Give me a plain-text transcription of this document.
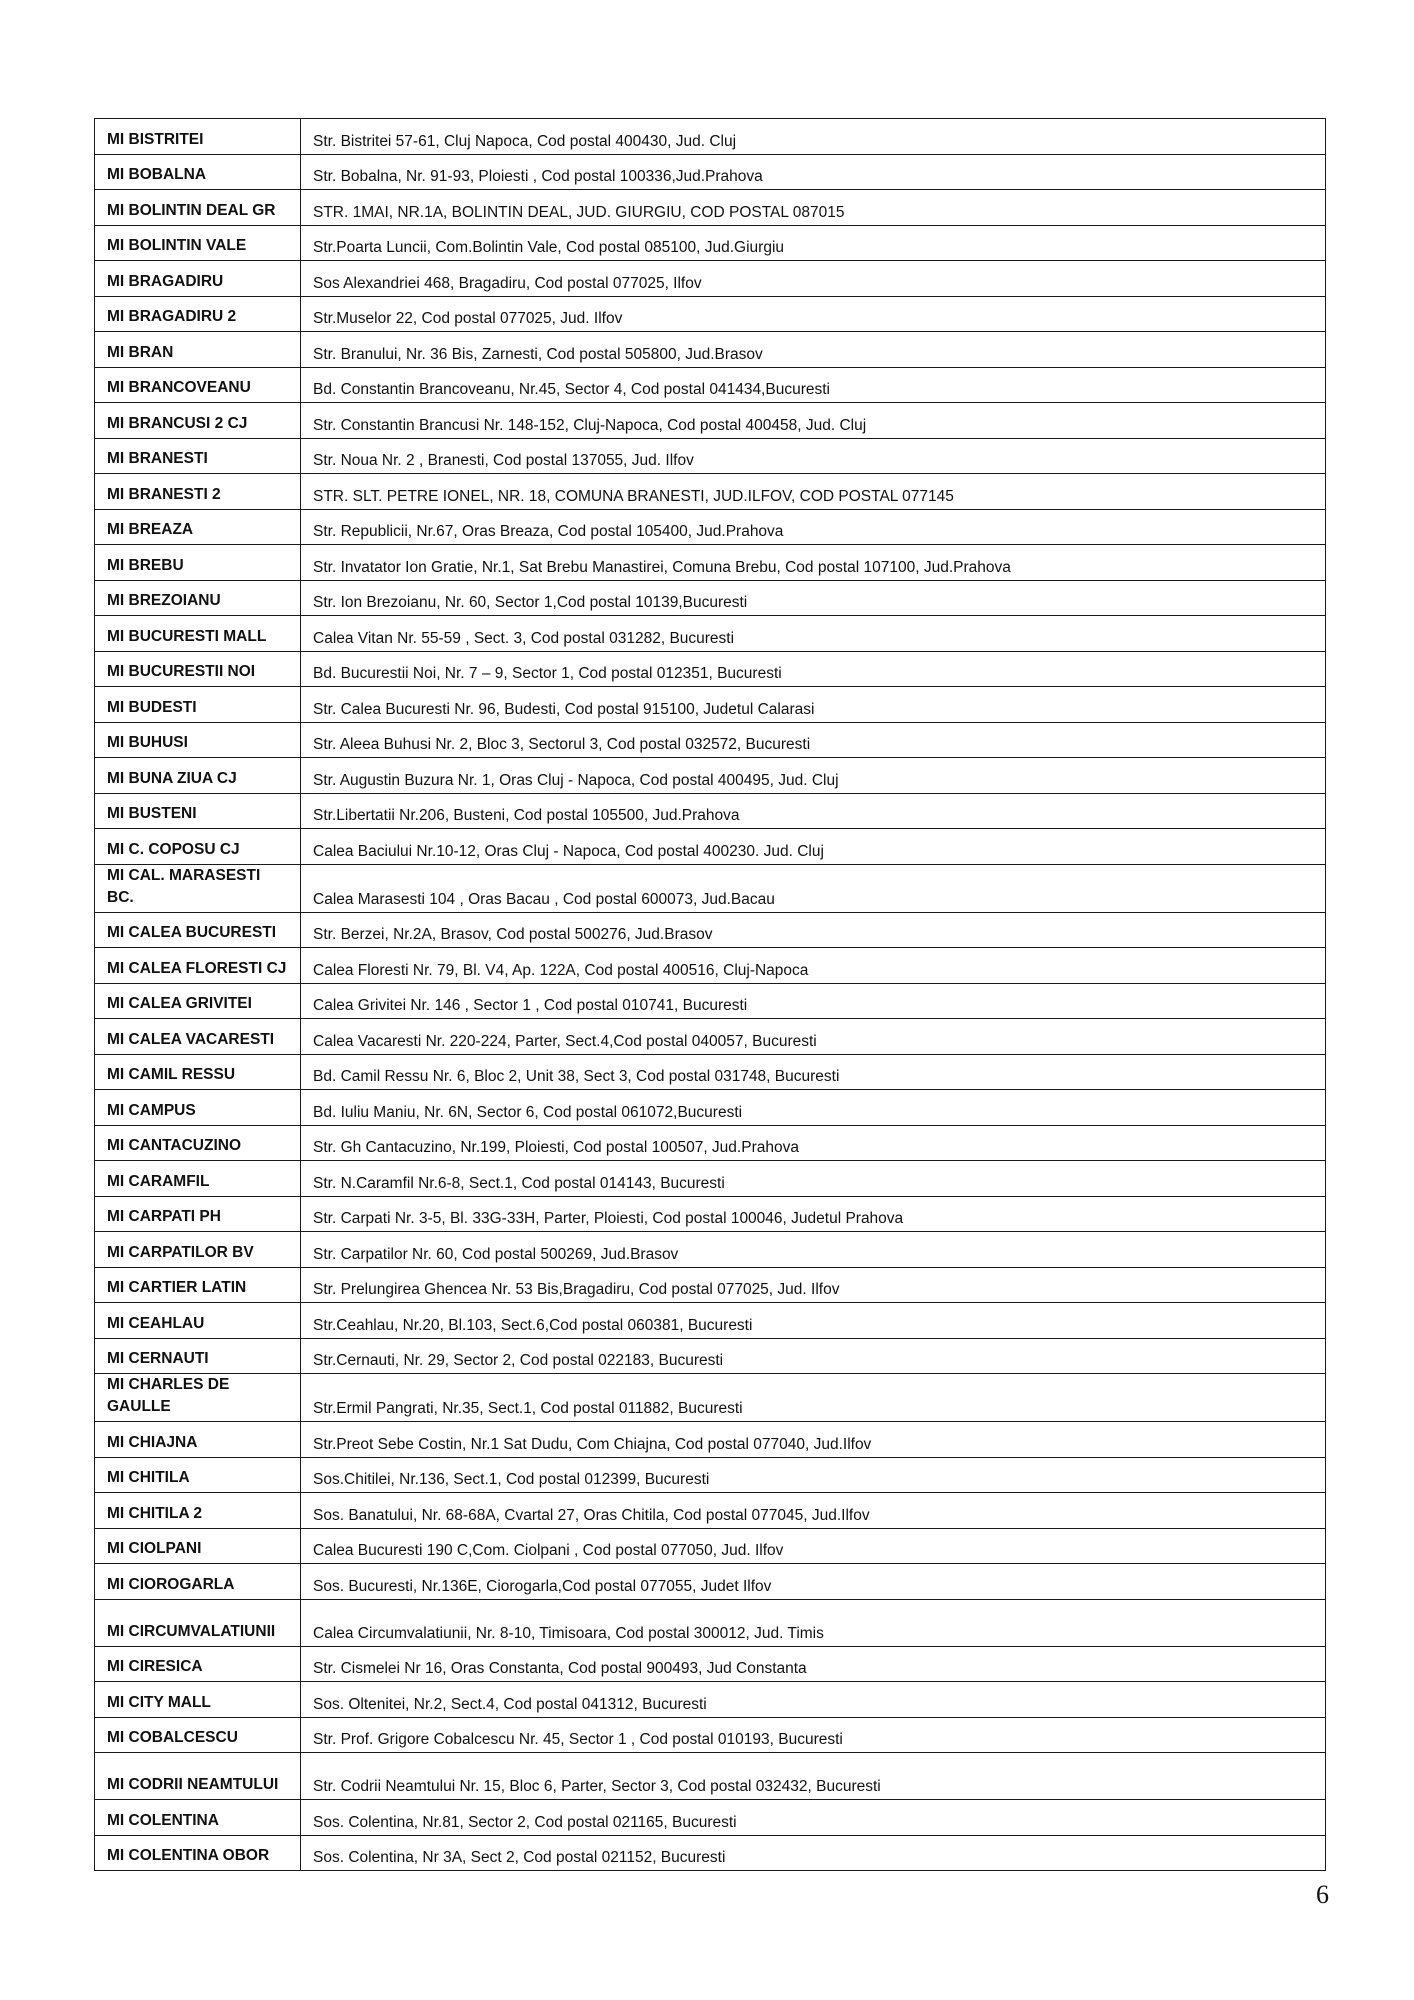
MI BISTRITEI	Str. Bistritei 57-61, Cluj Napoca, Cod postal 400430, Jud. Cluj
MI BOBALNA	Str. Bobalna, Nr. 91-93, Ploiesti , Cod postal 100336,Jud.Prahova
MI BOLINTIN DEAL GR	STR. 1MAI, NR.1A, BOLINTIN DEAL, JUD. GIURGIU, COD POSTAL 087015
MI BOLINTIN VALE	Str.Poarta Luncii, Com.Bolintin Vale, Cod postal 085100, Jud.Giurgiu
MI BRAGADIRU	Sos Alexandriei 468, Bragadiru, Cod postal 077025, Ilfov
MI BRAGADIRU 2	Str.Muselor 22, Cod postal 077025, Jud. Ilfov
MI BRAN	Str. Branului, Nr. 36 Bis, Zarnesti, Cod postal 505800, Jud.Brasov
MI BRANCOVEANU	Bd. Constantin Brancoveanu, Nr.45, Sector 4, Cod postal 041434,Bucuresti
MI BRANCUSI 2 CJ	Str. Constantin Brancusi Nr. 148-152, Cluj-Napoca, Cod postal 400458, Jud. Cluj
MI BRANESTI	Str. Noua Nr. 2 , Branesti, Cod postal 137055, Jud. Ilfov
MI BRANESTI 2	STR. SLT. PETRE IONEL, NR. 18, COMUNA BRANESTI, JUD.ILFOV, COD POSTAL 077145
MI BREAZA	Str. Republicii, Nr.67, Oras Breaza, Cod postal 105400, Jud.Prahova
MI BREBU	Str. Invatator Ion Gratie, Nr.1, Sat Brebu Manastirei, Comuna Brebu, Cod postal 107100, Jud.Prahova
MI BREZOIANU	Str. Ion Brezoianu, Nr. 60, Sector 1,Cod postal 10139,Bucuresti
MI BUCURESTI MALL	Calea Vitan Nr. 55-59 , Sect. 3, Cod postal 031282, Bucuresti
MI BUCURESTII NOI	Bd. Bucurestii Noi, Nr. 7 – 9, Sector 1, Cod postal 012351, Bucuresti
MI BUDESTI	Str. Calea Bucuresti Nr. 96, Budesti, Cod postal 915100, Judetul Calarasi
MI BUHUSI	Str. Aleea Buhusi Nr. 2, Bloc 3, Sectorul 3, Cod postal 032572, Bucuresti
MI BUNA ZIUA CJ	Str. Augustin Buzura Nr. 1, Oras Cluj - Napoca, Cod postal 400495, Jud. Cluj
MI BUSTENI	Str.Libertatii Nr.206, Busteni, Cod postal 105500, Jud.Prahova
MI C. COPOSU CJ	Calea Baciului Nr.10-12, Oras Cluj - Napoca, Cod postal 400230. Jud. Cluj
MI CAL. MARASESTI BC.	Calea Marasesti 104 , Oras Bacau , Cod postal 600073, Jud.Bacau
MI CALEA BUCURESTI	Str. Berzei, Nr.2A, Brasov, Cod postal 500276, Jud.Brasov
MI CALEA FLORESTI CJ	Calea Floresti Nr. 79, Bl. V4, Ap. 122A, Cod postal 400516, Cluj-Napoca
MI CALEA GRIVITEI	Calea Grivitei Nr. 146 , Sector 1 , Cod postal 010741, Bucuresti
MI CALEA VACARESTI	Calea Vacaresti Nr. 220-224, Parter, Sect.4,Cod postal 040057, Bucuresti
MI CAMIL RESSU	Bd. Camil Ressu Nr. 6, Bloc 2, Unit 38, Sect 3, Cod postal 031748, Bucuresti
MI CAMPUS	Bd. Iuliu Maniu, Nr. 6N, Sector 6, Cod postal 061072,Bucuresti
MI CANTACUZINO	Str. Gh Cantacuzino, Nr.199, Ploiesti, Cod postal 100507, Jud.Prahova
MI CARAMFIL	Str. N.Caramfil Nr.6-8, Sect.1, Cod postal 014143, Bucuresti
MI CARPATI PH	Str. Carpati Nr. 3-5, Bl. 33G-33H, Parter, Ploiesti, Cod postal 100046, Judetul Prahova
MI CARPATILOR BV	Str. Carpatilor Nr. 60, Cod postal 500269, Jud.Brasov
MI CARTIER LATIN	Str. Prelungirea Ghencea Nr. 53 Bis,Bragadiru, Cod postal 077025, Jud. Ilfov
MI CEAHLAU	Str.Ceahlau, Nr.20, Bl.103, Sect.6,Cod postal 060381, Bucuresti
MI CERNAUTI	Str.Cernauti, Nr. 29, Sector 2, Cod postal 022183, Bucuresti
MI CHARLES DE GAULLE	Str.Ermil Pangrati, Nr.35, Sect.1, Cod postal 011882, Bucuresti
MI CHIAJNA	Str.Preot Sebe Costin, Nr.1 Sat Dudu, Com Chiajna, Cod postal 077040, Jud.Ilfov
MI CHITILA	Sos.Chitilei, Nr.136, Sect.1, Cod postal 012399, Bucuresti
MI CHITILA 2	Sos. Banatului, Nr. 68-68A, Cvartal 27, Oras Chitila, Cod postal 077045, Jud.Ilfov
MI CIOLPANI	Calea Bucuresti 190 C,Com. Ciolpani , Cod postal 077050, Jud. Ilfov
MI CIOROGARLA	Sos. Bucuresti, Nr.136E, Ciorogarla,Cod postal 077055, Judet Ilfov
MI CIRCUMVALATIUNII	Calea Circumvalatiunii, Nr. 8-10, Timisoara, Cod postal 300012, Jud. Timis
MI CIRESICA	Str. Cismelei Nr 16, Oras Constanta, Cod postal 900493, Jud Constanta
MI CITY MALL	Sos. Oltenitei, Nr.2, Sect.4, Cod postal 041312, Bucuresti
MI COBALCESCU	Str. Prof. Grigore Cobalcescu Nr. 45, Sector 1 , Cod postal 010193, Bucuresti
MI CODRII NEAMTULUI	Str. Codrii Neamtului Nr. 15, Bloc 6, Parter, Sector 3, Cod postal 032432, Bucuresti
MI COLENTINA	Sos. Colentina, Nr.81, Sector 2, Cod postal 021165, Bucuresti
MI COLENTINA OBOR	Sos. Colentina, Nr 3A, Sect 2, Cod postal 021152, Bucuresti
6
